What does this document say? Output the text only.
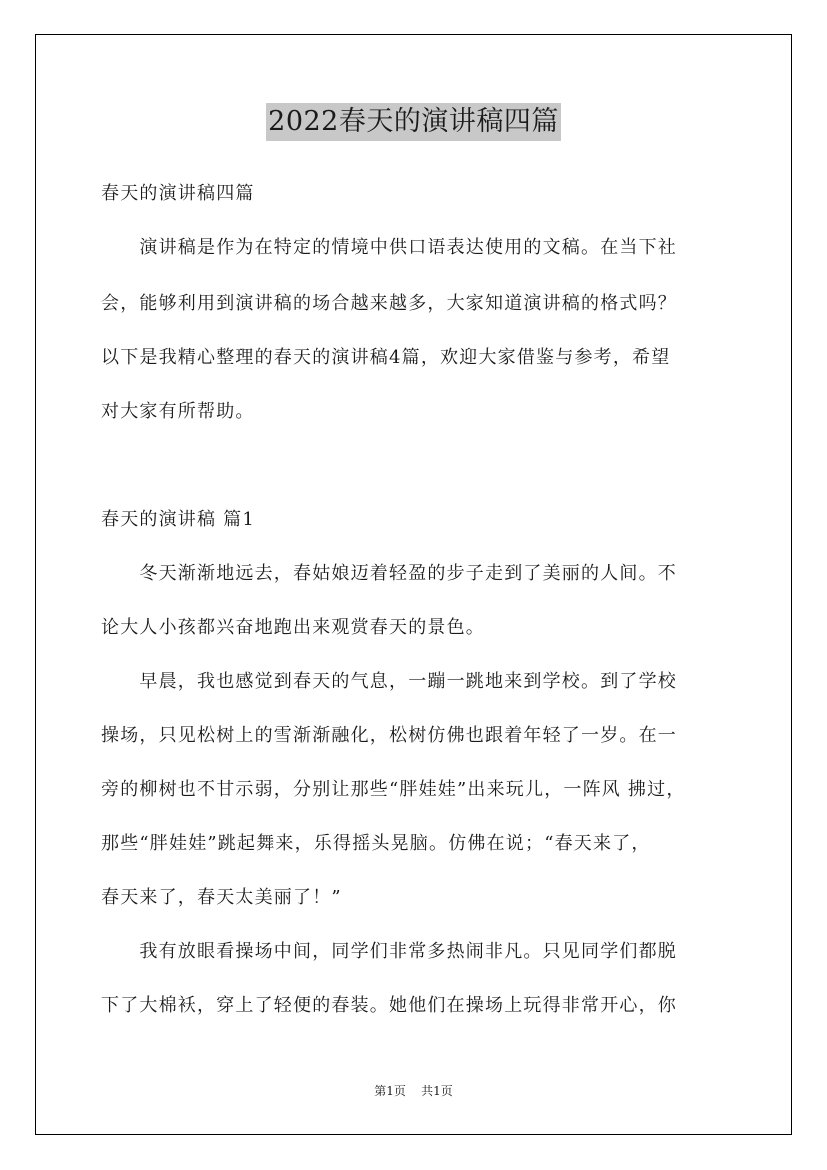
2022春天的演讲稿四篇
春天的演讲稿四篇
　　演讲稿是作为在特定的情境中供口语表达使用的文稿。在当下社
会，能够利用到演讲稿的场合越来越多，大家知道演讲稿的格式吗？
以下是我精心整理的春天的演讲稿4篇，欢迎大家借鉴与参考，希望
对大家有所帮助。
春天的演讲稿 篇1
　　冬天渐渐地远去，春姑娘迈着轻盈的步子走到了美丽的人间。不
论大人小孩都兴奋地跑出来观赏春天的景色。
　　早晨，我也感觉到春天的气息，一蹦一跳地来到学校。到了学校
操场，只见松树上的雪渐渐融化，松树仿佛也跟着年轻了一岁。在一
旁的柳树也不甘示弱，分别让那些“胖娃娃”出来玩儿，一阵风 拂过，
那些“胖娃娃”跳起舞来，乐得摇头晃脑。仿佛在说；“春天来了，
春天来了，春天太美丽了！”
　　我有放眼看操场中间，同学们非常多热闹非凡。只见同学们都脱
下了大棉袄，穿上了轻便的春装。她他们在操场上玩得非常开心，你
第1页 共1页
